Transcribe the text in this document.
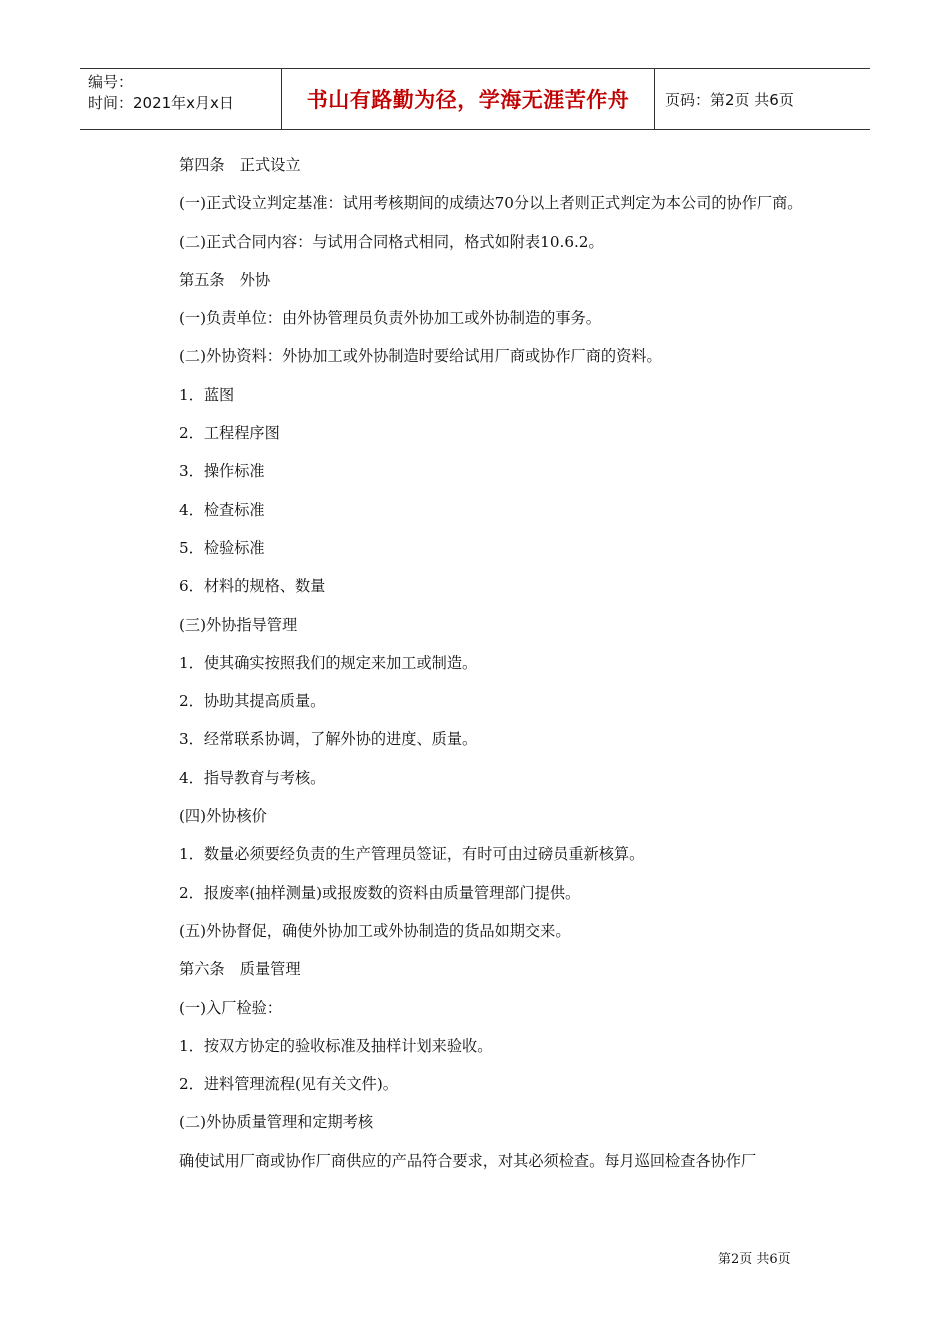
编号：
时间：2021年x月x日	书山有路勤为径，学海无涯苦作舟	页码：第2页 共6页

第四条　正式设立

(一)正式设立判定基准：试用考核期间的成绩达70分以上者则正式判定为本公司的协作厂商。

(二)正式合同内容：与试用合同格式相同，格式如附表10.6.2。

第五条　外协

(一)负责单位：由外协管理员负责外协加工或外协制造的事务。

(二)外协资料：外协加工或外协制造时要给试用厂商或协作厂商的资料。

1．蓝图

2．工程程序图

3．操作标准

4．检查标准

5．检验标准

6．材料的规格、数量

(三)外协指导管理

1．使其确实按照我们的规定来加工或制造。

2．协助其提高质量。

3．经常联系协调，了解外协的进度、质量。

4．指导教育与考核。

(四)外协核价

1．数量必须要经负责的生产管理员签证，有时可由过磅员重新核算。

2．报废率(抽样测量)或报废数的资料由质量管理部门提供。

(五)外协督促，确使外协加工或外协制造的货品如期交来。

第六条　质量管理

(一)入厂检验：

1．按双方协定的验收标准及抽样计划来验收。

2．进料管理流程(见有关文件)。

(二)外协质量管理和定期考核

确使试用厂商或协作厂商供应的产品符合要求，对其必须检查。每月巡回检查各协作厂

第2页 共6页
